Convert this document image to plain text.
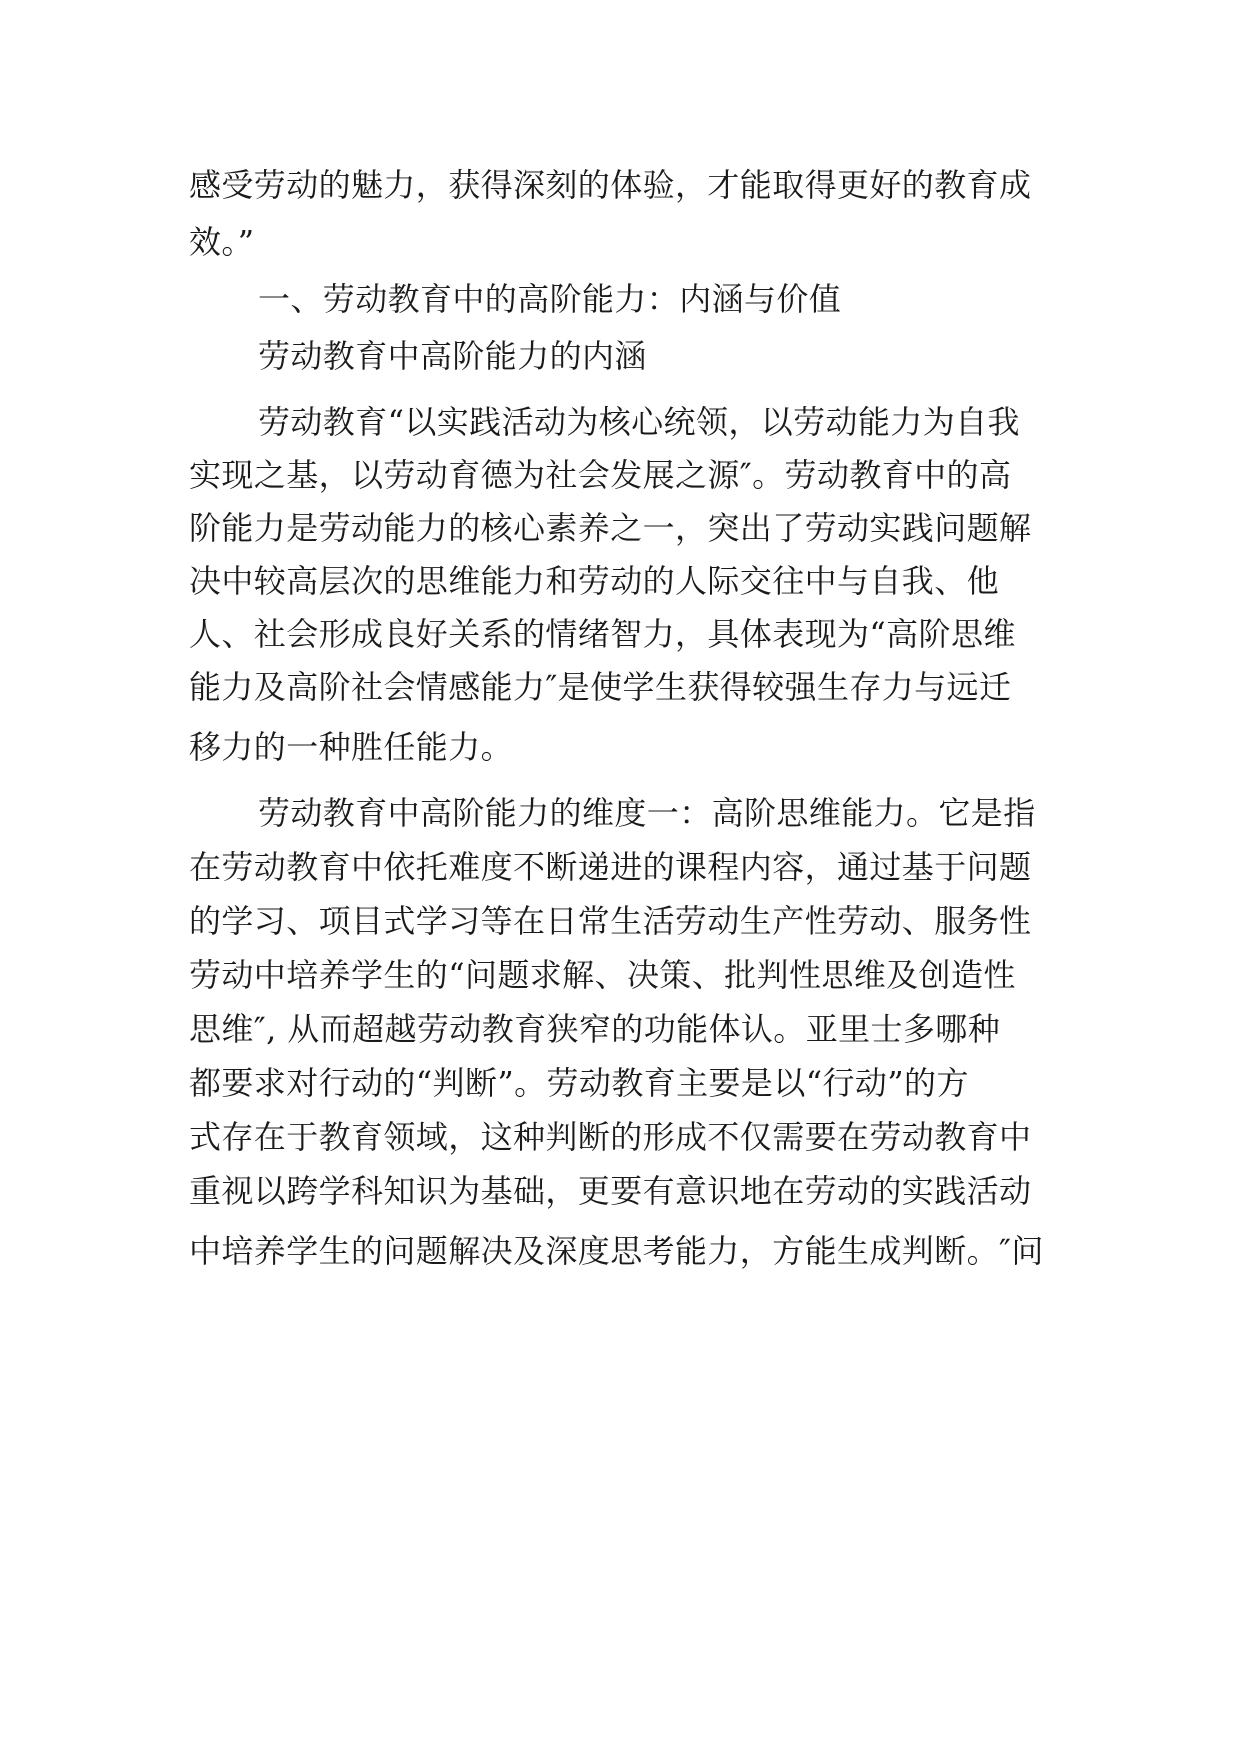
感受劳动的魅力，获得深刻的体验，才能取得更好的教育成
效。”
一、劳动教育中的高阶能力：内涵与价值
劳动教育中高阶能力的内涵
劳动教育“以实践活动为核心统领，以劳动能力为自我
实现之基，以劳动育德为社会发展之源″。劳动教育中的高
阶能力是劳动能力的核心素养之一，突出了劳动实践问题解
决中较高层次的思维能力和劳动的人际交往中与自我、他
人、社会形成良好关系的情绪智力，具体表现为“高阶思维
能力及高阶社会情感能力″是使学生获得较强生存力与远迁
移力的一种胜任能力。
劳动教育中高阶能力的维度一：高阶思维能力。它是指
在劳动教育中依托难度不断递进的课程内容，通过基于问题
的学习、项目式学习等在日常生活劳动生产性劳动、服务性
劳动中培养学生的“问题求解、决策、批判性思维及创造性
思维″, 从而超越劳动教育狭窄的功能体认。亚里士多哪种
都要求对行动的“判断”。劳动教育主要是以“行动”的方
式存在于教育领域，这种判断的形成不仅需要在劳动教育中
重视以跨学科知识为基础，更要有意识地在劳动的实践活动
中培养学生的问题解决及深度思考能力，方能生成判断。″问
